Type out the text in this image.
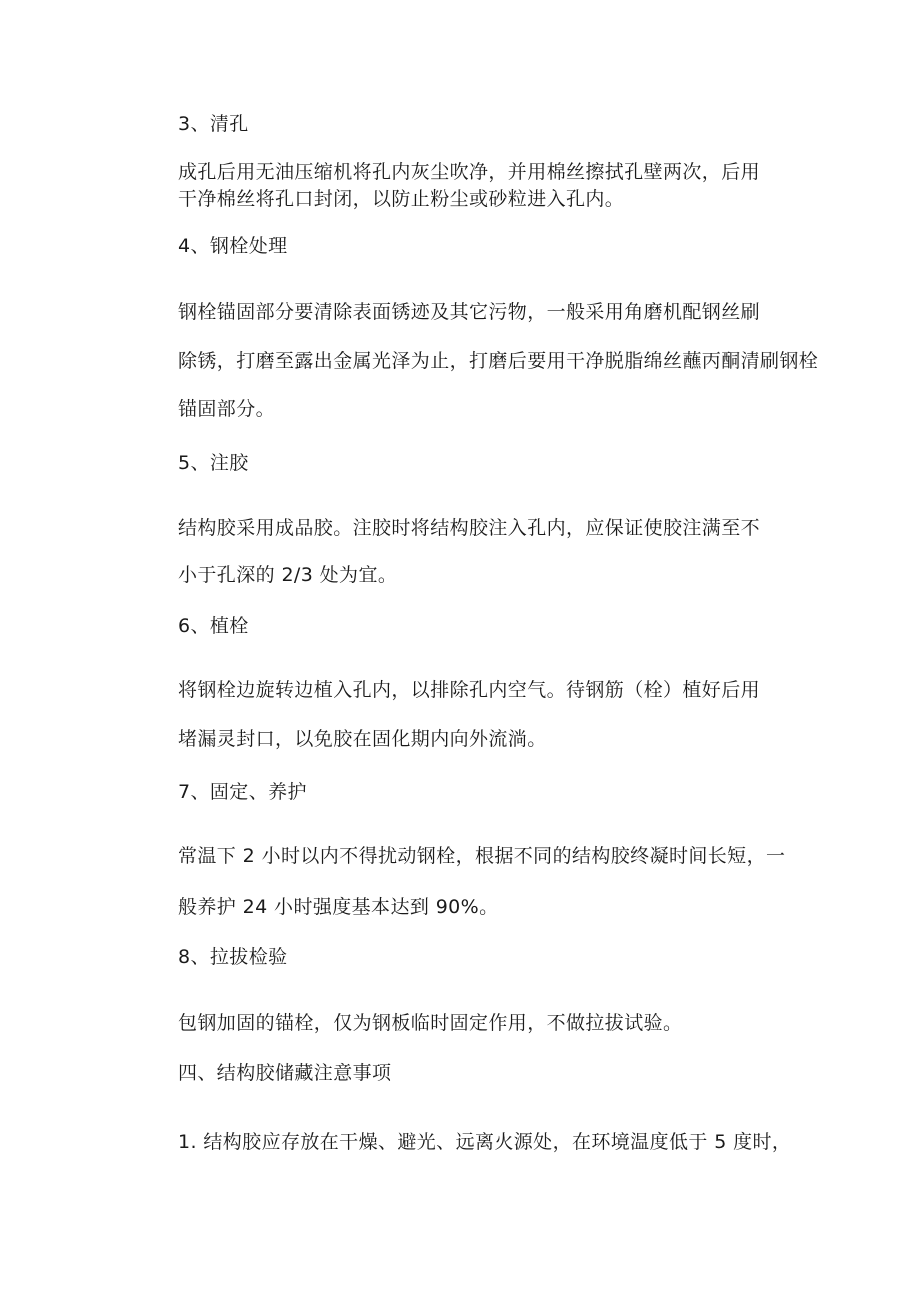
3、清孔
成孔后用无油压缩机将孔内灰尘吹净，并用棉丝擦拭孔壁两次，后用
干净棉丝将孔口封闭，以防止粉尘或砂粒进入孔内。
4、钢栓处理
钢栓锚固部分要清除表面锈迹及其它污物，一般采用角磨机配钢丝刷
除锈，打磨至露出金属光泽为止，打磨后要用干净脱脂绵丝蘸丙酮清刷钢栓
锚固部分。
5、注胶
结构胶采用成品胶。注胶时将结构胶注入孔内，应保证使胶注满至不
小于孔深的 2/3 处为宜。
6、植栓
将钢栓边旋转边植入孔内，以排除孔内空气。待钢筋（栓）植好后用
堵漏灵封口，以免胶在固化期内向外流淌。
7、固定、养护
常温下 2 小时以内不得扰动钢栓，根据不同的结构胶终凝时间长短，一
般养护 24 小时强度基本达到 90%。
8、拉拔检验
包钢加固的锚栓，仅为钢板临时固定作用，不做拉拔试验。
四、结构胶储藏注意事项
1. 结构胶应存放在干燥、避光、远离火源处，在环境温度低于 5 度时，
